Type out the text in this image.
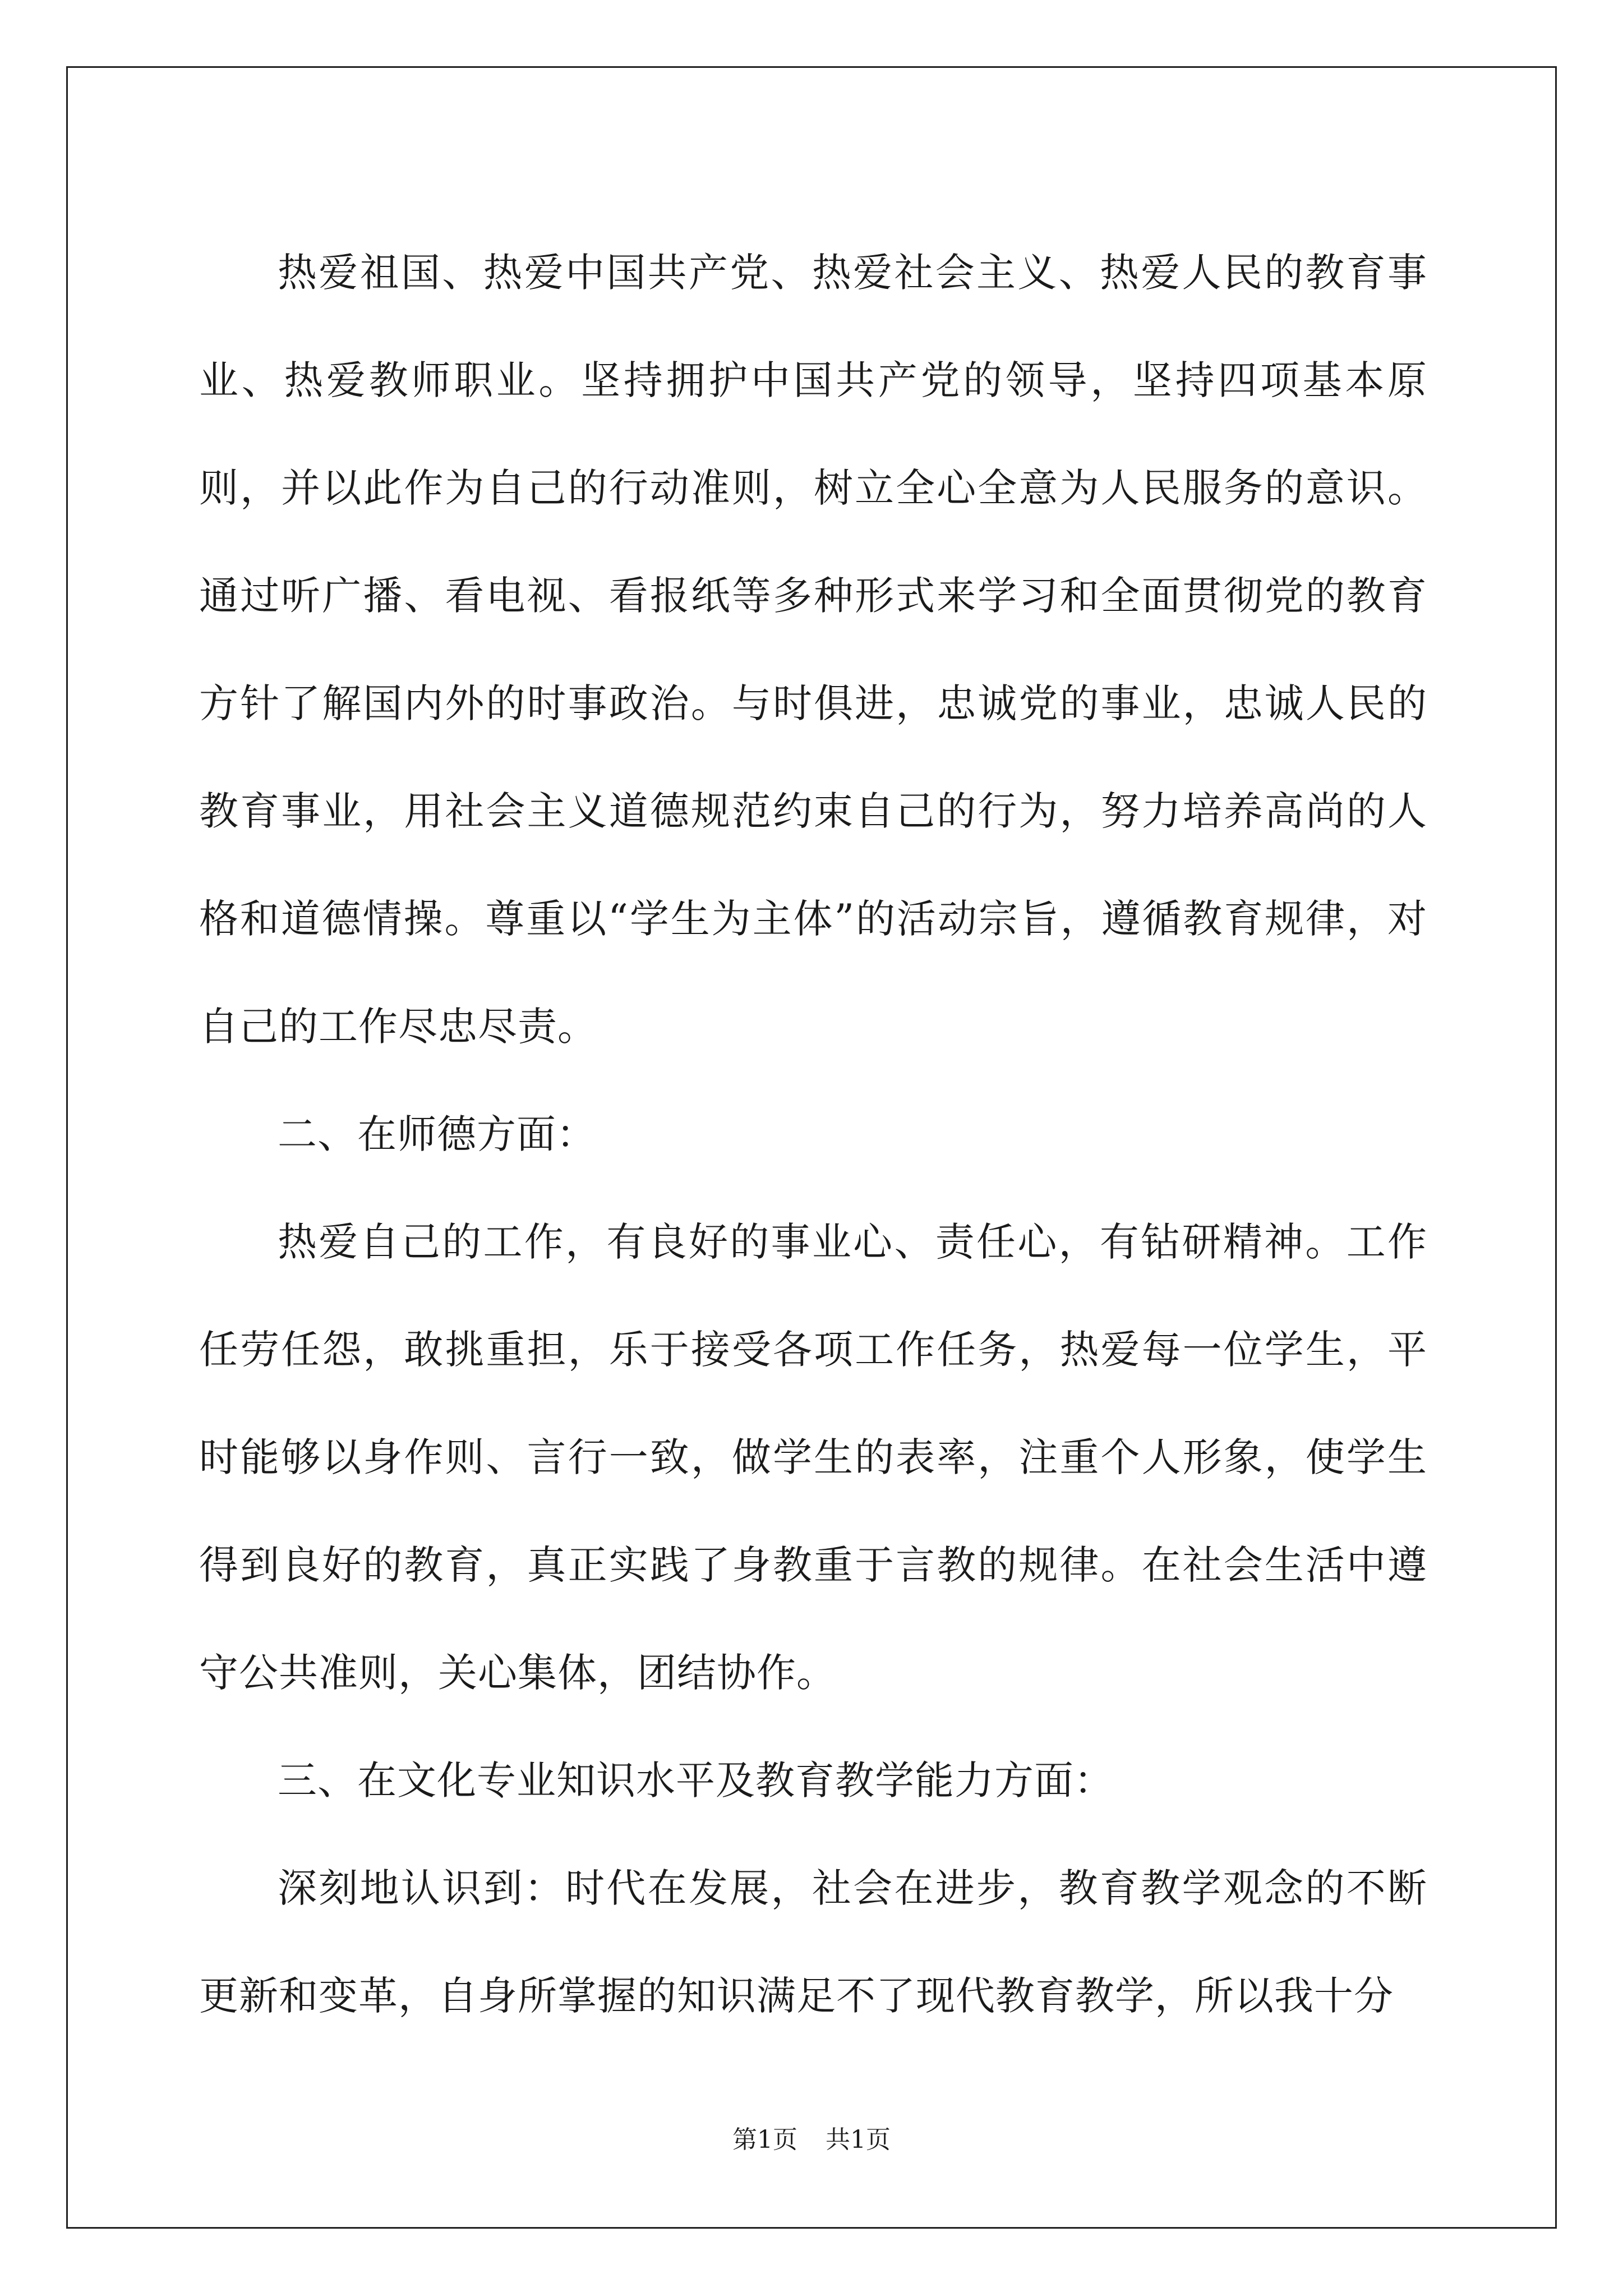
热爱祖国、热爱中国共产党、热爱社会主义、热爱人民的教育事业、热爱教师职业。坚持拥护中国共产党的领导，坚持四项基本原则，并以此作为自己的行动准则，树立全心全意为人民服务的意识。通过听广播、看电视、看报纸等多种形式来学习和全面贯彻党的教育方针了解国内外的时事政治。与时俱进，忠诚党的事业，忠诚人民的教育事业，用社会主义道德规范约束自己的行为，努力培养高尚的人格和道德情操。尊重以“学生为主体”的活动宗旨，遵循教育规律，对自己的工作尽忠尽责。

二、在师德方面：

热爱自己的工作，有良好的事业心、责任心，有钻研精神。工作任劳任怨，敢挑重担，乐于接受各项工作任务，热爱每一位学生，平时能够以身作则、言行一致，做学生的表率，注重个人形象，使学生得到良好的教育，真正实践了身教重于言教的规律。在社会生活中遵守公共准则，关心集体，团结协作。

三、在文化专业知识水平及教育教学能力方面：

深刻地认识到：时代在发展，社会在进步，教育教学观念的不断更新和变革，自身所掌握的知识满足不了现代教育教学，所以我十分

第1页 共1页
